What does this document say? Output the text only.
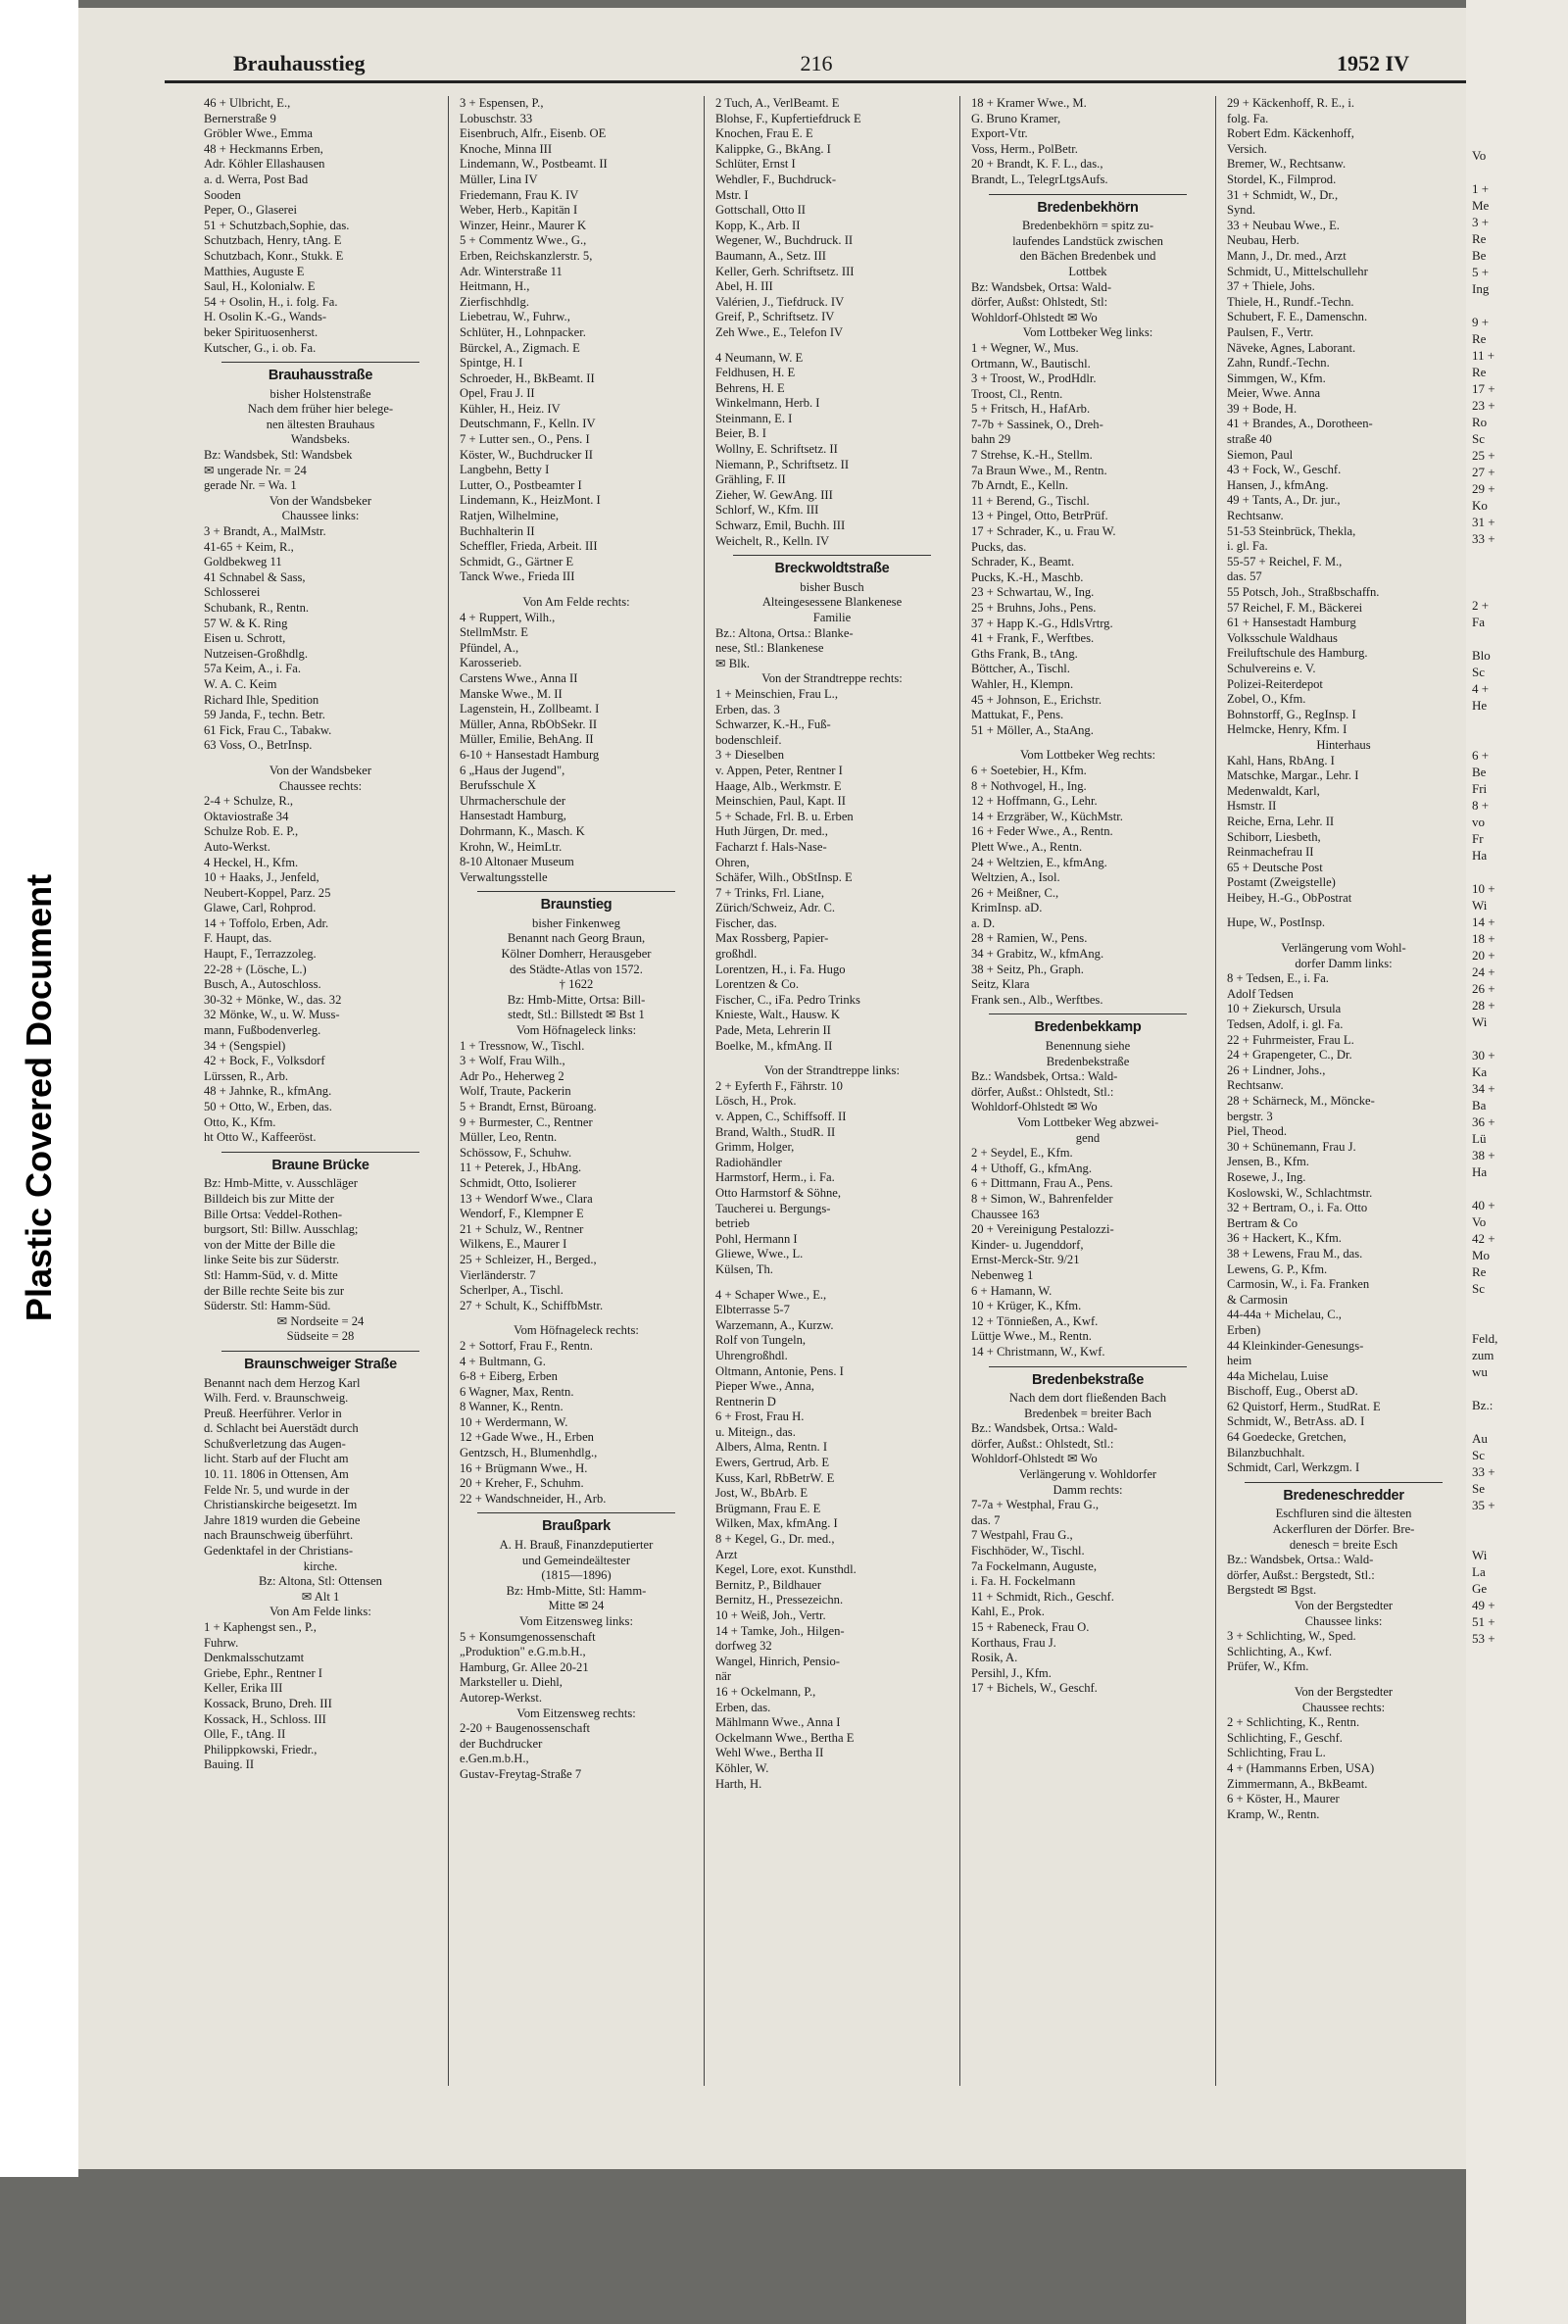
Brauhausstieg	216	1952 IV
46 + Ulbricht, E.,
Bernerstraße 9
Gröbler Wwe., Emma
48 + Heckmanns Erben,
Adr. Köhler Ellashausen
a. d. Werra, Post Bad
Sooden
Peper, O., Glaserei
51 + Schutzbach,Sophie, das.
Schutzbach, Henry, tAng. E
Schutzbach, Konr., Stukk. E
Matthies, Auguste E
Saul, H., Kolonialw. E
54 + Osolin, H., i. folg. Fa.
H. Osolin K.-G., Wands-
beker Spirituosenherst.
Kutscher, G., i. ob. Fa.
Brauhausstraße
bisher Holstenstraße
Nach dem früher hier belege-
nen ältesten Brauhaus
Wandsbeks.
Bz: Wandsbek, Stl: Wandsbek
✉ ungerade Nr. = 24
gerade Nr. = Wa. 1
Von der Wandsbeker
Chaussee links:
3 + Brandt, A., MalMstr.
41-65 + Keim, R.,
Goldbekweg 11
41 Schnabel & Sass,
Schlosserei
Schubank, R., Rentn.
57 W. & K. Ring
Eisen u. Schrott,
Nutzeisen-Großhdlg.
57a Keim, A., i. Fa.
W. A. C. Keim
Richard Ihle, Spedition
59 Janda, F., techn. Betr.
61 Fick, Frau C., Tabakw.
63 Voss, O., BetrInsp.
Von der Wandsbeker
Chaussee rechts:
2-4 + Schulze, R.,
Oktaviostraße 34
Schulze Rob. E. P.,
Auto-Werkst.
4 Heckel, H., Kfm.
10 + Haaks, J., Jenfeld,
Neubert-Koppel, Parz. 25
Glawe, Carl, Rohprod.
14 + Toffolo, Erben, Adr.
F. Haupt, das.
Haupt, F., Terrazzoleg.
22-28 + (Lösche, L.)
Busch, A., Autoschloss.
30-32 + Mönke, W., das. 32
32 Mönke, W., u. W. Muss-
mann, Fußbodenverleg.
34 + (Sengspiel)
42 + Bock, F., Volksdorf
Lürssen, R., Arb.
48 + Jahnke, R., kfmAng.
50 + Otto, W., Erben, das.
Otto, K., Kfm.
ht Otto W., Kaffeeröst.
Braune Brücke
Bz: Hmb-Mitte, v. Ausschläger
Billdeich bis zur Mitte der
Bille Ortsa: Veddel-Rothen-
burgsort, Stl: Billw. Ausschlag;
von der Mitte der Bille die
linke Seite bis zur Süderstr.
Stl: Hamm-Süd, v. d. Mitte
der Bille rechte Seite bis zur
Süderstr. Stl: Hamm-Süd.
✉ Nordseite = 24
Südseite = 28
Braunschweiger Straße
Benannt nach dem Herzog Karl
Wilh. Ferd. v. Braunschweig.
Preuß. Heerführer. Verlor in
d. Schlacht bei Auerstädt durch
Schußverletzung das Augen-
licht. Starb auf der Flucht am
10. 11. 1806 in Ottensen, Am
Felde Nr. 5, und wurde in der
Christianskirche beigesetzt. Im
Jahre 1819 wurden die Gebeine
nach Braunschweig überführt.
Gedenktafel in der Christians-
kirche.
Bz: Altona, Stl: Ottensen
✉ Alt 1
Von Am Felde links:
1 + Kaphengst sen., P.,
Fuhrw.
Denkmalsschutzamt
Griebe, Ephr., Rentner I
Keller, Erika III
Kossack, Bruno, Dreh. III
Kossack, H., Schloss. III
Olle, F., tAng. II
Philippkowski, Friedr.,
Bauing. II
3 + Espensen, P.,
Lobuschstr. 33
Eisenbruch, Alfr., Eisenb. OE
Knoche, Minna III
Lindemann, W., Postbeamt. II
Müller, Lina IV
Friedemann, Frau K. IV
Weber, Herb., Kapitän I
Winzer, Heinr., Maurer K
5 + Commentz Wwe., G.,
Erben, Reichskanzlerstr. 5,
Adr. Winterstraße 11
Heitmann, H.,
Zierfischhdlg.
Liebetrau, W., Fuhrw.,
Schlüter, H., Lohnpacker.
Bürckel, A., Zigmach. E
Spintge, H. I
Schroeder, H., BkBeamt. II
Opel, Frau J. II
Kühler, H., Heiz. IV
Deutschmann, F., Kelln. IV
7 + Lutter sen., O., Pens. I
Köster, W., Buchdrucker II
Langbehn, Betty I
Lutter, O., Postbeamter I
Lindemann, K., HeizMont. I
Ratjen, Wilhelmine,
Buchhalterin II
Scheffler, Frieda, Arbeit. III
Schmidt, G., Gärtner E
Tanck Wwe., Frieda III
Von Am Felde rechts:
4 + Ruppert, Wilh.,
StellmMstr. E
Pfündel, A.,
Karosserieb.
Carstens Wwe., Anna II
Manske Wwe., M. II
Lagenstein, H., Zollbeamt. I
Müller, Anna, RbObSekr. II
Müller, Emilie, BehAng. II
6-10 + Hansestadt Hamburg
6 „Haus der Jugend",
Berufsschule X
Uhrmacherschule der
Hansestadt Hamburg,
Dohrmann, K., Masch. K
Krohn, W., HeimLtr.
8-10 Altonaer Museum
Verwaltungsstelle
Braunstieg
bisher Finkenweg
Benannt nach Georg Braun,
Kölner Domherr, Herausgeber
des Städte-Atlas von 1572.
† 1622
Bz: Hmb-Mitte, Ortsa: Bill-
stedt, Stl.: Billstedt ✉ Bst 1
Vom Höfnageleck links:
1 + Tressnow, W., Tischl.
3 + Wolf, Frau Wilh.,
Adr Po., Heherweg 2
Wolf, Traute, Packerin
5 + Brandt, Ernst, Büroang.
9 + Burmester, C., Rentner
Müller, Leo, Rentn.
Schössow, F., Schuhw.
11 + Peterek, J., HbAng.
Schmidt, Otto, Isolierer
13 + Wendorf Wwe., Clara
Wendorf, F., Klempner E
21 + Schulz, W., Rentner
Wilkens, E., Maurer I
25 + Schleizer, H., Berged.,
Vierländerstr. 7
Scherlper, A., Tischl.
27 + Schult, K., SchiffbMstr.
Vom Höfnageleck rechts:
2 + Sottorf, Frau F., Rentn.
4 + Bultmann, G.
6-8 + Eiberg, Erben
6 Wagner, Max, Rentn.
8 Wanner, K., Rentn.
10 + Werdermann, W.
12 +Gade Wwe., H., Erben
Gentzsch, H., Blumenhdlg.,
16 + Brügmann Wwe., H.
20 + Kreher, F., Schuhm.
22 + Wandschneider, H., Arb.
Braußpark
A. H. Brauß, Finanzdeputierter
und Gemeindeältester
(1815—1896)
Bz: Hmb-Mitte, Stl: Hamm-
Mitte ✉ 24
Vom Eitzensweg links:
5 + Konsumgenossenschaft
„Produktion" e.G.m.b.H.,
Hamburg, Gr. Allee 20-21
Marksteller u. Diehl,
Autorep-Werkst.
Vom Eitzensweg rechts:
2-20 + Baugenossenschaft
der Buchdrucker
e.Gen.m.b.H.,
Gustav-Freytag-Straße 7
2 Tuch, A., VerlBeamt. E
Blohse, F., Kupfertiefdruck E
Knochen, Frau E. E
Kalippke, G., BkAng. I
Schlüter, Ernst I
Wehdler, F., Buchdruck-
Mstr. I
Gottschall, Otto II
Kopp, K., Arb. II
Wegener, W., Buchdruck. II
Baumann, A., Setz. III
Keller, Gerh. Schriftsetz. III
Abel, H. III
Valérien, J., Tiefdruck. IV
Greif, P., Schriftsetz. IV
Zeh Wwe., E., Telefon IV
4 Neumann, W. E
Feldhusen, H. E
Behrens, H. E
Winkelmann, Herb. I
Steinmann, E. I
Beier, B. I
Wollny, E. Schriftsetz. II
Niemann, P., Schriftsetz. II
Grähling, F. II
Zieher, W. GewAng. III
Schlorf, W., Kfm. III
Schwarz, Emil, Buchh. III
Weichelt, R., Kelln. IV
Breckwoldtstraße
bisher Busch
Alteingesessene Blankenese
Familie
Bz.: Altona, Ortsa.: Blanke-
nese, Stl.: Blankenese
✉ Blk.
Von der Strandtreppe rechts:
1 + Meinschien, Frau L.,
Erben, das. 3
Schwarzer, K.-H., Fuß-
bodenschleif.
3 + Dieselben
v. Appen, Peter, Rentner I
Haage, Alb., Werkmstr. E
Meinschien, Paul, Kapt. II
5 + Schade, Frl. B. u. Erben
Huth Jürgen, Dr. med.,
Facharzt f. Hals-Nase-
Ohren,
Schäfer, Wilh., ObStInsp. E
7 + Trinks, Frl. Liane,
Zürich/Schweiz, Adr. C.
Fischer, das.
Max Rossberg, Papier-
großhdl.
Lorentzen, H., i. Fa. Hugo
Lorentzen & Co.
Fischer, C., iFa. Pedro Trinks
Knieste, Walt., Hausw. K
Pade, Meta, Lehrerin II
Boelke, M., kfmAng. II
Von der Strandtreppe links:
2 + Eyferth F., Fährstr. 10
Lösch, H., Prok.
v. Appen, C., Schiffsoff. II
Brand, Walth., StudR. II
Grimm, Holger,
Radiohändler
Harmstorf, Herm., i. Fa.
Otto Harmstorf & Söhne,
Taucherei u. Bergungs-
betrieb
Pohl, Hermann I
Gliewe, Wwe., L.
Külsen, Th.
4 + Schaper Wwe., E.,
Elbterrasse 5-7
Warzemann, A., Kurzw.
Rolf von Tungeln,
Uhrengroßhdl.
Oltmann, Antonie, Pens. I
Pieper Wwe., Anna,
Rentnerin D
6 + Frost, Frau H.
u. Miteign., das.
Albers, Alma, Rentn. I
Ewers, Gertrud, Arb. E
Kuss, Karl, RbBetrW. E
Jost, W., BbArb. E
Brügmann, Frau E. E
Wilken, Max, kfmAng. I
8 + Kegel, G., Dr. med.,
Arzt
Kegel, Lore, exot. Kunsthdl.
Bernitz, P., Bildhauer
Bernitz, H., Pressezeichn.
10 + Weiß, Joh., Vertr.
14 + Tamke, Joh., Hilgen-
dorfweg 32
Wangel, Hinrich, Pensio-
när
16 + Ockelmann, P.,
Erben, das.
Mählmann Wwe., Anna I
Ockelmann Wwe., Bertha E
Wehl Wwe., Bertha II
Köhler, W.
Harth, H.
18 + Kramer Wwe., M.
G. Bruno Kramer,
Export-Vtr.
Voss, Herm., PolBetr.
20 + Brandt, K. F. L., das.,
Brandt, L., TelegrLtgsAufs.
Bredenbekhörn
Bredenbekhörn = spitz zu-
laufendes Landstück zwischen
den Bächen Bredenbek und
Lottbek
Bz: Wandsbek, Ortsa: Wald-
dörfer, Außst: Ohlstedt, Stl:
Wohldorf-Ohlstedt ✉ Wo
Vom Lottbeker Weg links:
1 + Wegner, W., Mus.
Ortmann, W., Bautischl.
3 + Troost, W., ProdHdlr.
Troost, Cl., Rentn.
5 + Fritsch, H., HafArb.
7-7b + Sassinek, O., Dreh-
bahn 29
7 Strehse, K.-H., Stellm.
7a Braun Wwe., M., Rentn.
7b Arndt, E., Kelln.
11 + Berend, G., Tischl.
13 + Pingel, Otto, BetrPrüf.
17 + Schrader, K., u. Frau W.
Pucks, das.
Schrader, K., Beamt.
Pucks, K.-H., Maschb.
23 + Schwartau, W., Ing.
25 + Bruhns, Johs., Pens.
37 + Happ K.-G., HdlsVrtrg.
41 + Frank, F., Werftbes.
Gths Frank, B., tAng.
Böttcher, A., Tischl.
Wahler, H., Klempn.
45 + Johnson, E., Erichstr.
Mattukat, F., Pens.
51 + Möller, A., StaAng.
Vom Lottbeker Weg rechts:
6 + Soetebier, H., Kfm.
8 + Nothvogel, H., Ing.
12 + Hoffmann, G., Lehr.
14 + Erzgräber, W., KüchMstr.
16 + Feder Wwe., A., Rentn.
Plett Wwe., A., Rentn.
24 + Weltzien, E., kfmAng.
Weltzien, A., Isol.
26 + Meißner, C.,
KrimInsp. aD.
a. D.
28 + Ramien, W., Pens.
34 + Grabitz, W., kfmAng.
38 + Seitz, Ph., Graph.
Seitz, Klara
Frank sen., Alb., Werftbes.
Bredenbekkamp
Benennung siehe
Bredenbekstraße
Bz.: Wandsbek, Ortsa.: Wald-
dörfer, Außst.: Ohlstedt, Stl.:
Wohldorf-Ohlstedt ✉ Wo
Vom Lottbeker Weg abzwei-
gend
2 + Seydel, E., Kfm.
4 + Uthoff, G., kfmAng.
6 + Dittmann, Frau A., Pens.
8 + Simon, W., Bahrenfelder
Chaussee 163
20 + Vereinigung Pestalozzi-
Kinder- u. Jugenddorf,
Ernst-Merck-Str. 9/21
Nebenweg 1
6 + Hamann, W.
10 + Krüger, K., Kfm.
12 + Tönnießen, A., Kwf.
Lüttje Wwe., M., Rentn.
14 + Christmann, W., Kwf.
Bredenbekstraße
Nach dem dort fließenden Bach
Bredenbek = breiter Bach
Bz.: Wandsbek, Ortsa.: Wald-
dörfer, Außst.: Ohlstedt, Stl.:
Wohldorf-Ohlstedt ✉ Wo
Verlängerung v. Wohldorfer
Damm rechts:
7-7a + Westphal, Frau G.,
das. 7
7 Westpahl, Frau G.,
Fischhöder, W., Tischl.
7a Fockelmann, Auguste,
i. Fa. H. Fockelmann
11 + Schmidt, Rich., Geschf.
Kahl, E., Prok.
15 + Rabeneck, Frau O.
Korthaus, Frau J.
Rosik, A.
Persihl, J., Kfm.
17 + Bichels, W., Geschf.
29 + Käckenhoff, R. E., i.
folg. Fa.
Robert Edm. Käckenhoff,
Versich.
Bremer, W., Rechtsanw.
Stordel, K., Filmprod.
31 + Schmidt, W., Dr.,
Synd.
33 + Neubau Wwe., E.
Neubau, Herb.
Mann, J., Dr. med., Arzt
Schmidt, U., Mittelschullehr
37 + Thiele, Johs.
Thiele, H., Rundf.-Techn.
Schubert, F. E., Damenschn.
Paulsen, F., Vertr.
Näveke, Agnes, Laborant.
Zahn, Rundf.-Techn.
Simmgen, W., Kfm.
Meier, Wwe. Anna
39 + Bode, H.
41 + Brandes, A., Dorotheen-
straße 40
Siemon, Paul
43 + Fock, W., Geschf.
Hansen, J., kfmAng.
49 + Tants, A., Dr. jur.,
Rechtsanw.
51-53 Steinbrück, Thekla,
i. gl. Fa.
55-57 + Reichel, F. M.,
das. 57
55 Potsch, Joh., Straßbschaffn.
57 Reichel, F. M., Bäckerei
61 + Hansestadt Hamburg
Volksschule Waldhaus
Freiluftschule des Hamburg.
Schulvereins e. V.
Polizei-Reiterdepot
Zobel, O., Kfm.
Bohnstorff, G., RegInsp. I
Helmcke, Henry, Kfm. I
Hinterhaus
Kahl, Hans, RbAng. I
Matschke, Margar., Lehr. I
Medenwaldt, Karl,
Hsmstr. II
Reiche, Erna, Lehr. II
Schiborr, Liesbeth,
Reinmachefrau II
65 + Deutsche Post
Postamt (Zweigstelle)
Heibey, H.-G., ObPostrat
Hupe, W., PostInsp.
Verlängerung vom Wohl-
dorfer Damm links:
8 + Tedsen, E., i. Fa.
Adolf Tedsen
10 + Ziekursch, Ursula
Tedsen, Adolf, i. gl. Fa.
22 + Fuhrmeister, Frau L.
24 + Grapengeter, C., Dr.
26 + Lindner, Johs.,
Rechtsanw.
28 + Schärneck, M., Mönckе-
bergstr. 3
Piel, Theod.
30 + Schünemann, Frau J.
Jensen, B., Kfm.
Rosewe, J., Ing.
Koslowski, W., Schlachtmstr.
32 + Bertram, O., i. Fa. Otto
Bertram & Co
36 + Hackert, K., Kfm.
38 + Lewens, Frau M., das.
Lewens, G. P., Kfm.
Carmosin, W., i. Fa. Franken
& Carmosin
44-44a + Michelau, C.,
Erben)
44 Kleinkinder-Genesungs-
heim
44a Michelau, Luise
Bischoff, Eug., Oberst aD.
62 Quistorf, Herm., StudRat. E
Schmidt, W., BetrAss. aD. I
64 Goedecke, Gretchen,
Bilanzbuchhalt.
Schmidt, Carl, Werkzgm. I
Bredeneschredder
Eschfluren sind die ältesten
Ackerfluren der Dörfer. Bre-
denesch = breite Esch
Bz.: Wandsbek, Ortsa.: Wald-
dörfer, Außst.: Bergstedt, Stl.:
Bergstedt ✉ Bgst.
Von der Bergstedter
Chaussee links:
3 + Schlichting, W., Sped.
Schlichting, A., Kwf.
Prüfer, W., Kfm.
Von der Bergstedter
Chaussee rechts:
2 + Schlichting, K., Rentn.
Schlichting, F., Geschf.
Schlichting, Frau L.
4 + (Hammanns Erben, USA)
Zimmermann, A., BkBeamt.
6 + Köster, H., Maurer
Kramp, W., Rentn.
Vo

1 +
Me
3 +
Re
Be
5 +
Ing

9 +
Re
11 +
Re
17 +
23 +
Ro
Sc
25 +
27 +
29 +
Ko
31 +
33 +

2 +
Fa

Blo
Sc
4 +
He

6 +
Be
Fri
8 +
vo
Fr
Ha

10 +
Wi
14 +
18 +
20 +
24 +
26 +
28 +
Wi

30 +
Ka
34 +
Ba
36 +
Lü
38 +
Ha

40 +
Vo
42 +
Mo
Re
Sc

Feld,
zum
wu

Bz.:

Au
Sc
33 +
Se
35 +

Wi
La
Ge
49 +
51 +
53 +
Plastic Covered Document
